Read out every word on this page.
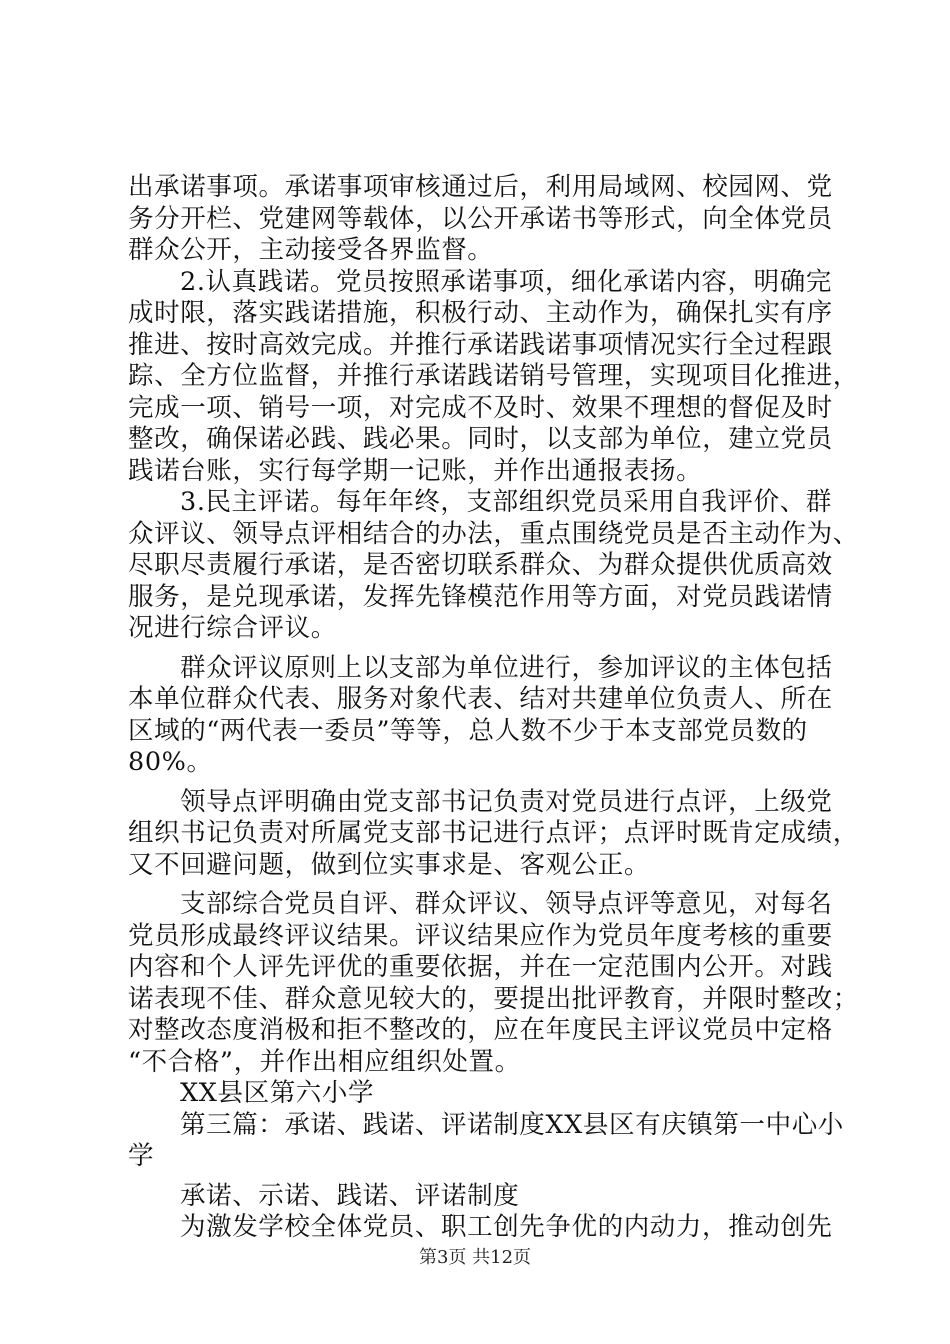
出承诺事项。承诺事项审核通过后，利用局域网、校园网、党
务分开栏、党建网等载体，以公开承诺书等形式，向全体党员
群众公开，主动接受各界监督。
2.认真践诺。党员按照承诺事项，细化承诺内容，明确完
成时限，落实践诺措施，积极行动、主动作为，确保扎实有序
推进、按时高效完成。并推行承诺践诺事项情况实行全过程跟
踪、全方位监督，并推行承诺践诺销号管理，实现项目化推进，
完成一项、销号一项，对完成不及时、效果不理想的督促及时
整改，确保诺必践、践必果。同时，以支部为单位，建立党员
践诺台账，实行每学期一记账，并作出通报表扬。
3.民主评诺。每年年终，支部组织党员采用自我评价、群
众评议、领导点评相结合的办法，重点围绕党员是否主动作为、
尽职尽责履行承诺，是否密切联系群众、为群众提供优质高效
服务，是兑现承诺，发挥先锋模范作用等方面，对党员践诺情
况进行综合评议。
群众评议原则上以支部为单位进行，参加评议的主体包括
本单位群众代表、服务对象代表、结对共建单位负责人、所在
区域的“两代表一委员”等等，总人数不少于本支部党员数的
80%。
领导点评明确由党支部书记负责对党员进行点评，上级党
组织书记负责对所属党支部书记进行点评；点评时既肯定成绩，
又不回避问题，做到位实事求是、客观公正。
支部综合党员自评、群众评议、领导点评等意见，对每名
党员形成最终评议结果。评议结果应作为党员年度考核的重要
内容和个人评先评优的重要依据，并在一定范围内公开。对践
诺表现不佳、群众意见较大的，要提出批评教育，并限时整改；
对整改态度消极和拒不整改的，应在年度民主评议党员中定格
“不合格”，并作出相应组织处置。
XX县区第六小学
第三篇：承诺、践诺、评诺制度XX县区有庆镇第一中心小
学
承诺、示诺、践诺、评诺制度
为激发学校全体党员、职工创先争优的内动力，推动创先
第3页 共12页
